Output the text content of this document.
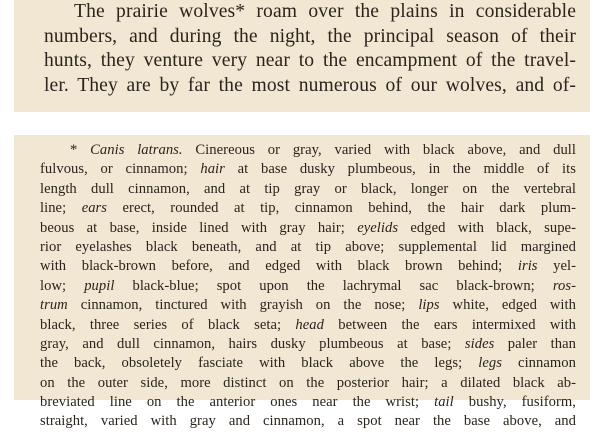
The prairie wolves* roam over the plains in considerable
numbers, and during the night, the principal season of their
hunts, they venture very near to the encampment of the travel-
ler. They are by far the most numerous of our wolves, and of-
* Canis latrans. Cinereous or gray, varied with black above, and dull
fulvous, or cinnamon; hair at base dusky plumbeous, in the middle of its
length dull cinnamon, and at tip gray or black, longer on the vertebral
line; ears erect, rounded at tip, cinnamon behind, the hair dark plum-
beous at base, inside lined with gray hair; eyelids edged with black, supe-
rior eyelashes black beneath, and at tip above; supplemental lid margined
with black-brown before, and edged with black brown behind; iris yel-
low; pupil black-blue; spot upon the lachrymal sac black-brown; ros-
trum cinnamon, tinctured with grayish on the nose; lips white, edged with
black, three series of black seta; head between the ears intermixed with
gray, and dull cinnamon, hairs dusky plumbeous at base; sides paler than
the back, obsoletely fasciate with black above the legs; legs cinnamon
on the outer side, more distinct on the posterior hair; a dilated black ab-
breviated line on the anterior ones near the wrist; tail bushy, fusiform,
straight, varied with gray and cinnamon, a spot near the base above, and
